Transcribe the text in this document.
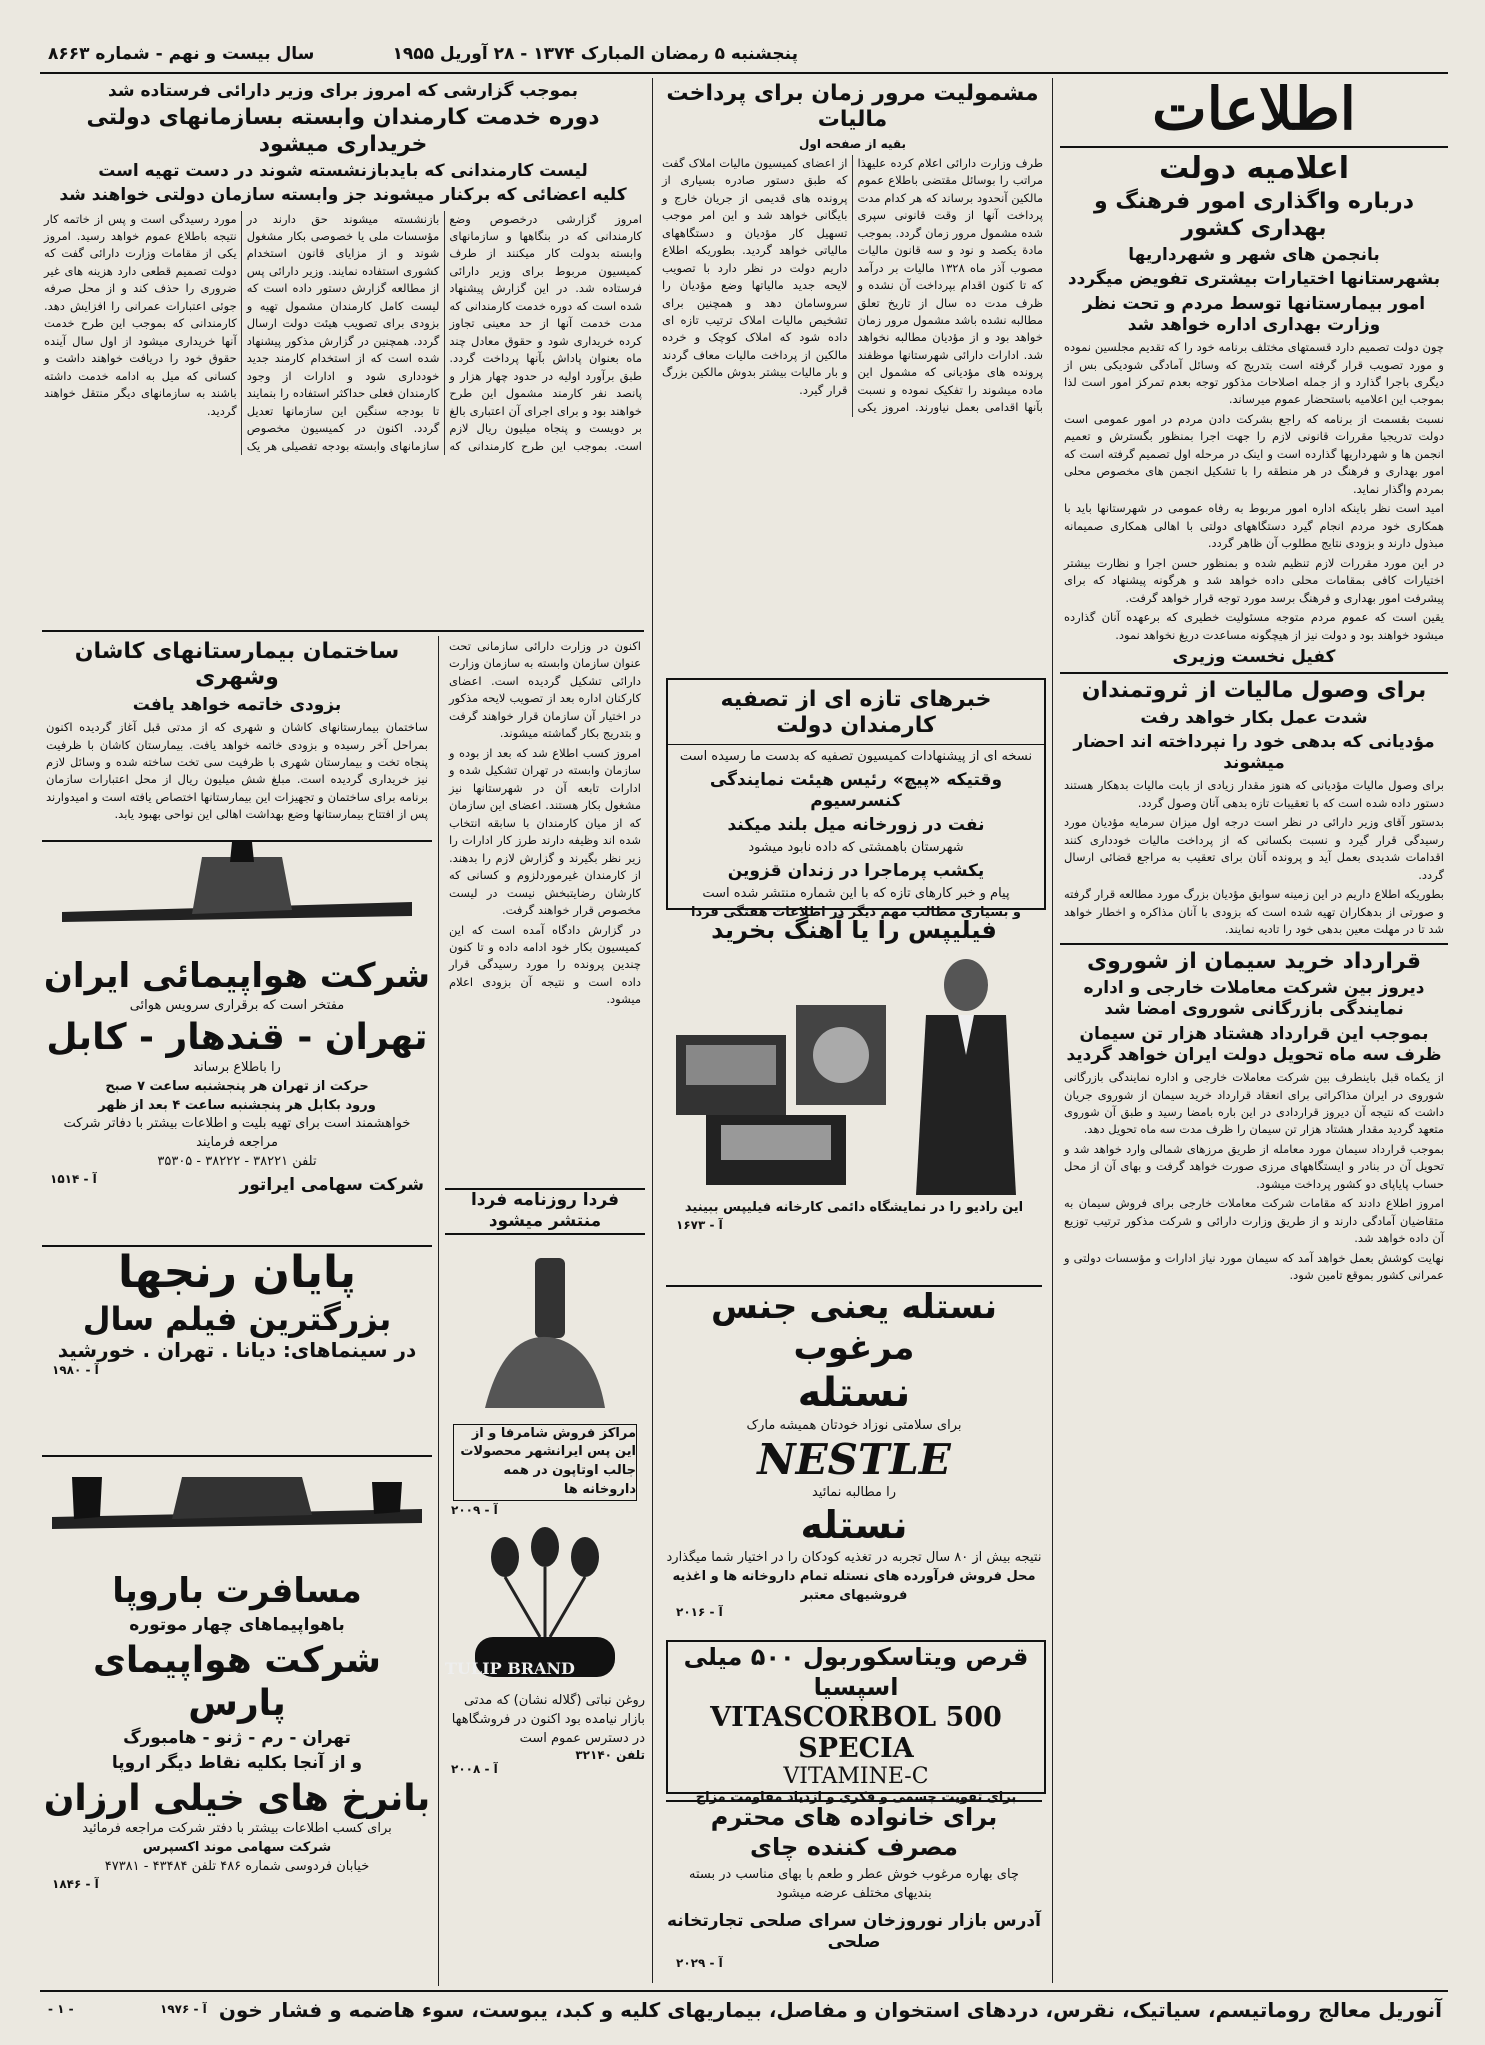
پنجشنبه ۵ رمضان المبارک ۱۳۷۴ - ۲۸ آوریل ۱۹۵۵
سال بیست و نهم - شماره ۸۶۶۳
اطلاعات
اعلامیه دولت
درباره واگذاری امور فرهنگ و بهداری کشور
بانجمن های شهر و شهرداریها
بشهرستانها اختیارات بیشتری تفویض میگردد
امور بیمارستانها توسط مردم و تحت نظر وزارت بهداری اداره خواهد شد
چون دولت تصمیم دارد قسمتهای مختلف برنامه خود را که تقدیم مجلسین نموده و مورد تصویب قرار گرفته است بتدریج که وسائل آمادگی شودیکی بس از دیگری باجرا گذارد و از جمله اصلاحات مذکور توجه بعدم تمرکز امور است لذا بموجب این اعلامیه باستحضار عموم میرساند.
نسبت بقسمت از برنامه که راجع بشرکت دادن مردم در امور عمومی است دولت تدریجیا مقررات قانونی لازم را جهت اجرا بمنظور بگسترش و تعمیم انجمن ها و شهرداریها گذارده است و اینک در مرحله اول تصمیم گرفته است که امور بهداری و فرهنگ در هر منطقه را با تشکیل انجمن های مخصوص محلی بمردم واگذار نماید.
امید است نظر باینکه اداره امور مربوط به رفاه عمومی در شهرستانها باید با همکاری خود مردم انجام گیرد دستگاههای دولتی با اهالی همکاری صمیمانه مبذول دارند و بزودی نتایج مطلوب آن ظاهر گردد.
در این مورد مقررات لازم تنظیم شده و بمنظور حسن اجرا و نظارت بیشتر اختیارات کافی بمقامات محلی داده خواهد شد و هرگونه پیشنهاد که برای پیشرفت امور بهداری و فرهنگ برسد مورد توجه قرار خواهد گرفت.
یقین است که عموم مردم متوجه مسئولیت خطیری که برعهده آنان گذارده میشود خواهند بود و دولت نیز از هیچگونه مساعدت دریغ نخواهد نمود.
کفیل نخست وزیری
برای وصول مالیات از ثروتمندان
شدت عمل بکار خواهد رفت
مؤدیانی که بدهی خود را نپرداخته اند احضار میشوند
برای وصول مالیات مؤدیانی که هنوز مقدار زیادی از بابت مالیات بدهکار هستند دستور داده شده است که با تعقیبات تازه بدهی آنان وصول گردد.
بدستور آقای وزیر دارائی در نظر است درجه اول میزان سرمایه مؤدیان مورد رسیدگی قرار گیرد و نسبت بکسانی که از پرداخت مالیات خودداری کنند اقدامات شدیدی بعمل آید و پرونده آنان برای تعقیب به مراجع قضائی ارسال گردد.
بطوریکه اطلاع داریم در این زمینه سوابق مؤدیان بزرگ مورد مطالعه قرار گرفته و صورتی از بدهکاران تهیه شده است که بزودی با آنان مذاکره و اخطار خواهد شد تا در مهلت معین بدهی خود را تادیه نمایند.
قرارداد خرید سیمان از شوروی
دیروز بین شرکت معاملات خارجی و اداره نمایندگی بازرگانی شوروی امضا شد
بموجب این قرارداد هشتاد هزار تن سیمان ظرف سه ماه تحویل دولت ایران خواهد گردید
از یکماه قبل باینطرف بین شرکت معاملات خارجی و اداره نمایندگی بازرگانی شوروی در ایران مذاکراتی برای انعقاد قرارداد خرید سیمان از شوروی جریان داشت که نتیجه آن دیروز قراردادی در این باره بامضا رسید و طبق آن شوروی متعهد گردید مقدار هشتاد هزار تن سیمان را ظرف مدت سه ماه تحویل دهد.
بموجب قرارداد سیمان مورد معامله از طریق مرزهای شمالی وارد خواهد شد و تحویل آن در بنادر و ایستگاههای مرزی صورت خواهد گرفت و بهای آن از محل حساب پایاپای دو کشور پرداخت میشود.
امروز اطلاع دادند که مقامات شرکت معاملات خارجی برای فروش سیمان به متقاضیان آمادگی دارند و از طریق وزارت دارائی و شرکت مذکور ترتیب توزیع آن داده خواهد شد.
نهایت کوشش بعمل خواهد آمد که سیمان مورد نیاز ادارات و مؤسسات دولتی و عمرانی کشور بموقع تامین شود.
مشمولیت مرور زمان برای پرداخت مالیات
بقیه از صفحه اول
طرف وزارت دارائی اعلام کرده علیهذا مراتب را بوسائل مقتضی باطلاع عموم مالکین آنحدود برساند که هر کدام مدت پرداخت آنها از وقت قانونی سپری شده مشمول مرور زمان گردد. بموجب مادة یکصد و نود و سه قانون مالیات مصوب آذر ماه ۱۳۲۸ مالیات بر درآمد که تا کنون اقدام بپرداخت آن نشده و ظرف مدت ده سال از تاریخ تعلق مطالبه نشده باشد مشمول مرور زمان خواهد بود و از مؤدیان مطالبه نخواهد شد. ادارات دارائی شهرستانها موظفند پرونده های مؤدیانی که مشمول این ماده میشوند را تفکیک نموده و نسبت بآنها اقدامی بعمل نیاورند. امروز یکی از اعضای کمیسیون مالیات املاک گفت که طبق دستور صادره بسیاری از پرونده های قدیمی از جریان خارج و بایگانی خواهد شد و این امر موجب تسهیل کار مؤدیان و دستگاههای مالیاتی خواهد گردید. بطوریکه اطلاع داریم دولت در نظر دارد با تصویب لایحه جدید مالیاتها وضع مؤدیان را سروسامان دهد و همچنین برای تشخیص مالیات املاک ترتیب تازه ای داده شود که املاک کوچک و خرده مالکین از پرداخت مالیات معاف گردند و بار مالیات بیشتر بدوش مالکین بزرگ قرار گیرد.
خبرهای تازه ای از تصفیه کارمندان دولت
نسخه ای از پیشنهادات کمیسیون تصفیه که بدست ما رسیده است
وقتیکه «پیچ» رئیس هیئت نمایندگی کنسرسیوم
نفت در زورخانه میل بلند میکند
شهرستان باهمشتی که داده نابود میشود
یکشب پرماجرا در زندان قزوین
پیام و خبر کارهای تازه که با این شماره منتشر شده است
و بسیاری مطالب مهم دیگر در اطلاعات هفتگی فردا
فیلیپس را یا آهنگ بخرید
این رادیو را در نمایشگاه دائمی کارخانه فیلیپس ببینید
آ - ۱۶۷۳
نستله یعنی جنس مرغوب
نستله
برای سلامتی نوزاد خودتان همیشه مارک
NESTLE
را مطالبه نمائید
نستله
نتیجه بیش از ۸۰ سال تجربه در تغذیه کودکان را در اختیار شما میگذارد
محل فروش فرآورده های نستله تمام داروخانه ها و اغذیه فروشیهای معتبر
آ - ۲۰۱۶
قرص ویتاسکوربول ۵۰۰ میلی اسپسیا
VITASCORBOL 500 SPECIA
VITAMINE-C
برای تقویت جسمی و فکری و ازدیاد مقاومت مزاج
برای خانواده های محترم مصرف کننده چای
چای بهاره مرغوب خوش عطر و طعم با بهای مناسب در بسته بندیهای مختلف عرضه میشود
آدرس بازار نوروزخان سرای صلحی تجارتخانه صلحی
آ - ۲۰۲۹
بموجب گزارشی که امروز برای وزیر دارائی فرستاده شد
دوره خدمت کارمندان وابسته بسازمانهای دولتی خریداری میشود
لیست کارمندانی که بایدبازنشسته شوند در دست تهیه است
کلیه اعضائی که برکنار میشوند جز وابسته سازمان دولتی خواهند شد
امروز گزارشی درخصوص وضع کارمندانی که در بنگاهها و سازمانهای وابسته بدولت کار میکنند از طرف کمیسیون مربوط برای وزیر دارائی فرستاده شد. در این گزارش پیشنهاد شده است که دوره خدمت کارمندانی که مدت خدمت آنها از حد معینی تجاوز کرده خریداری شود و حقوق معادل چند ماه بعنوان پاداش بآنها پرداخت گردد. طبق برآورد اولیه در حدود چهار هزار و پانصد نفر کارمند مشمول این طرح خواهند بود و برای اجرای آن اعتباری بالغ بر دویست و پنجاه میلیون ریال لازم است. بموجب این طرح کارمندانی که بازنشسته میشوند حق دارند در مؤسسات ملی یا خصوصی بکار مشغول شوند و از مزایای قانون استخدام کشوری استفاده نمایند. وزیر دارائی پس از مطالعه گزارش دستور داده است که لیست کامل کارمندان مشمول تهیه و بزودی برای تصویب هیئت دولت ارسال گردد. همچنین در گزارش مذکور پیشنهاد شده است که از استخدام کارمند جدید خودداری شود و ادارات از وجود کارمندان فعلی حداکثر استفاده را بنمایند تا بودجه سنگین این سازمانها تعدیل گردد. اکنون در کمیسیون مخصوص سازمانهای وابسته بودجه تفصیلی هر یک مورد رسیدگی است و پس از خاتمه کار نتیجه باطلاع عموم خواهد رسید. امروز یکی از مقامات وزارت دارائی گفت که دولت تصمیم قطعی دارد هزینه های غیر ضروری را حذف کند و از محل صرفه جوئی اعتبارات عمرانی را افزایش دهد. کارمندانی که بموجب این طرح خدمت آنها خریداری میشود از اول سال آینده حقوق خود را دریافت خواهند داشت و کسانی که میل به ادامه خدمت داشته باشند به سازمانهای دیگر منتقل خواهند گردید.
اکنون در وزارت دارائی سازمانی تحت عنوان سازمان وابسته به سازمان وزارت دارائی تشکیل گردیده است. اعضای کارکنان اداره بعد از تصویب لایحه مذکور در اختیار آن سازمان قرار خواهند گرفت و بتدریج بکار گماشته میشوند.
امروز کسب اطلاع شد که بعد از بوده و سازمان وابسته در تهران تشکیل شده و ادارات تابعه آن در شهرستانها نیز مشغول بکار هستند. اعضای این سازمان که از میان کارمندان با سابقه انتخاب شده اند وظیفه دارند طرز کار ادارات را زیر نظر بگیرند و گزارش لازم را بدهند. از کارمندان غیرموردلزوم و کسانی که کارشان رضایتبخش نیست در لیست مخصوص قرار خواهند گرفت.
در گزارش دادگاه آمده است که این کمیسیون بکار خود ادامه داده و تا کنون چندین پرونده را مورد رسیدگی قرار داده است و نتیجه آن بزودی اعلام میشود.
فردا روزنامه فردا منتشر میشود
مراکز فروش شامرفا و از این پس ایرانشهر محصولات جالب اوتاپون در همه داروخانه ها
آ - ۲۰۰۹
TULIP BRAND
روغن نباتی (گلاله نشان) که مدتی بازار نیامده بود اکنون در فروشگاهها در دسترس عموم است
تلفن ۳۲۱۴۰
آ - ۲۰۰۸
ساختمان بیمارستانهای کاشان وشهری
بزودی خاتمه خواهد یافت
ساختمان بیمارستانهای کاشان و شهری که از مدتی قبل آغاز گردیده اکنون بمراحل آخر رسیده و بزودی خاتمه خواهد یافت. بیمارستان کاشان با ظرفیت پنجاه تخت و بیمارستان شهری با ظرفیت سی تخت ساخته شده و وسائل لازم نیز خریداری گردیده است. مبلغ شش میلیون ریال از محل اعتبارات سازمان برنامه برای ساختمان و تجهیزات این بیمارستانها اختصاص یافته است و امیدوارند پس از افتتاح بیمارستانها وضع بهداشت اهالی این نواحی بهبود یابد.
شرکت هواپیمائی ایران
مفتخر است که برقراری سرویس هوائی
تهران - قندهار - کابل
را باطلاع برساند
حرکت از تهران هر پنجشنبه ساعت ۷ صبح
ورود بکابل هر پنجشنبه ساعت ۴ بعد از ظهر
خواهشمند است برای تهیه بلیت و اطلاعات بیشتر با دفاتر شرکت مراجعه فرمایند
تلفن ۳۸۲۲۱ - ۳۸۲۲۲ - ۳۵۳۰۵
شرکت سهامی ایراتور
آ - ۱۵۱۴
پایان رنجها
بزرگترین فیلم سال
در سینماهای: دیانا . تهران . خورشید
آ - ۱۹۸۰
مسافرت باروپا
باهواپیماهای چهار موتوره
شرکت هواپیمای پارس
تهران - رم - ژنو - هامبورگ
و از آنجا بکلیه نقاط دیگر اروپا
بانرخ های خیلی ارزان
برای کسب اطلاعات بیشتر با دفتر شرکت مراجعه فرمائید
شرکت سهامی موند اکسپرس
خیابان فردوسی شماره ۴۸۶ تلفن ۴۳۴۸۴ - ۴۷۳۸۱
آ - ۱۸۴۶
آنوریل معالج روماتیسم، سیاتیک، نقرس، دردهای استخوان و مفاصل، بیماریهای کلیه و کبد، یبوست، سوء هاضمه و فشار خون
آ - ۱۹۷۶
- ۱ -
